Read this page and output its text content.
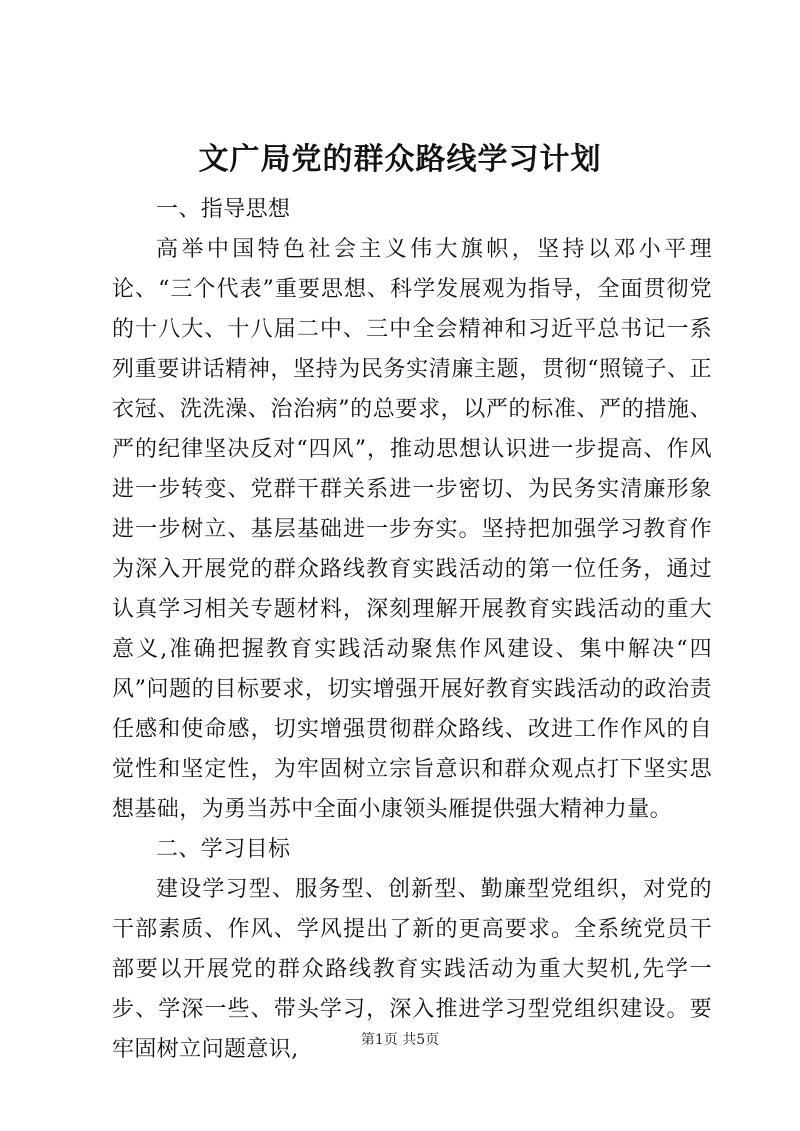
文广局党的群众路线学习计划

一、指导思想

高举中国特色社会主义伟大旗帜，坚持以邓小平理论、“三个代表”重要思想、科学发展观为指导，全面贯彻党的十八大、十八届二中、三中全会精神和习近平总书记一系列重要讲话精神，坚持为民务实清廉主题，贯彻“照镜子、正衣冠、洗洗澡、治治病”的总要求，以严的标准、严的措施、严的纪律坚决反对“四风”，推动思想认识进一步提高、作风进一步转变、党群干群关系进一步密切、为民务实清廉形象进一步树立、基层基础进一步夯实。坚持把加强学习教育作为深入开展党的群众路线教育实践活动的第一位任务，通过认真学习相关专题材料，深刻理解开展教育实践活动的重大意义,准确把握教育实践活动聚焦作风建设、集中解决“四风”问题的目标要求，切实增强开展好教育实践活动的政治责任感和使命感，切实增强贯彻群众路线、改进工作作风的自觉性和坚定性，为牢固树立宗旨意识和群众观点打下坚实思想基础，为勇当苏中全面小康领头雁提供强大精神力量。

二、学习目标

建设学习型、服务型、创新型、勤廉型党组织，对党的干部素质、作风、学风提出了新的更高要求。全系统党员干部要以开展党的群众路线教育实践活动为重大契机,先学一步、学深一些、带头学习，深入推进学习型党组织建设。要牢固树立问题意识,	第1页 共5页
